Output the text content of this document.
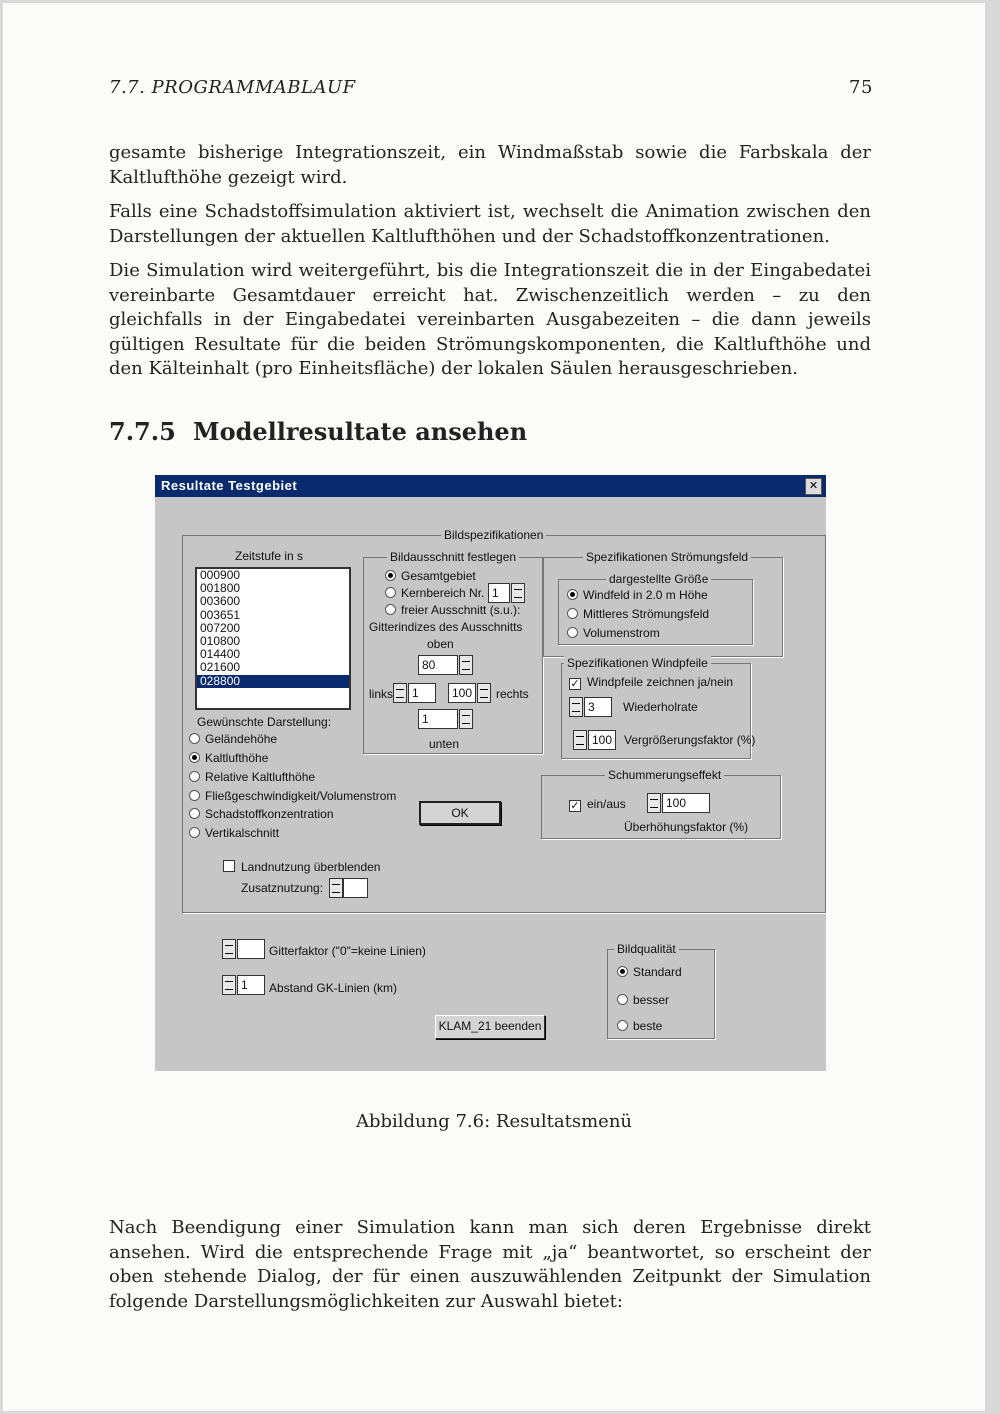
7.7. PROGRAMMABLAUF	75

gesamte bisherige Integrationszeit, ein Windmaßstab sowie die Farbskala der Kaltlufthöhe gezeigt wird.

Falls eine Schadstoffsimulation aktiviert ist, wechselt die Animation zwischen den Darstellungen der aktuellen Kaltlufthöhen und der Schadstoffkonzentrationen.

Die Simulation wird weitergeführt, bis die Integrationszeit die in der Eingabedatei vereinbarte Gesamtdauer erreicht hat. Zwischenzeitlich werden – zu den gleichfalls in der Eingabedatei vereinbarten Ausgabezeiten – die dann jeweils gültigen Resultate für die beiden Strömungskomponenten, die Kaltlufthöhe und den Kälteinhalt (pro Einheitsfläche) der lokalen Säulen herausgeschrieben.

7.7.5 Modellresultate ansehen
Resultate Testgebiet	✕
Bildspezifikationen
Zeitstufe in s
000900
001800
003600
003651
007200
010800
014400
021600
028800
Gewünschte Darstellung:
Geländehöhe
Kaltlufthöhe
Relative Kaltlufthöhe
Fließgeschwindigkeit/Volumenstrom
Schadstoffkonzentration
Vertikalschnitt
Landnutzung überblenden
Zusatznutzung:
Bildausschnitt festlegen
Gesamtgebiet
Kernbereich Nr. 1
freier Ausschnitt (s.u.):
Gitterindizes des Ausschnitts
oben
80
links	1	100	rechts
1
unten
OK
Spezifikationen Strömungsfeld
dargestellte Größe
Windfeld in 2.0 m Höhe
Mittleres Strömungsfeld
Volumenstrom
Spezifikationen Windpfeile
✓ Windpfeile zeichnen ja/nein
3	Wiederholrate
100 Vergrößerungsfaktor (%)
Schummerungseffekt
✓ ein/aus	100
Überhöhungsfaktor (%)
Gitterfaktor ("0"=keine Linien)
1	Abstand GK-Linien (km)
KLAM_21 beenden
Bildqualität
Standard
besser
beste
Abbildung 7.6: Resultatsmenü

Nach Beendigung einer Simulation kann man sich deren Ergebnisse direkt ansehen. Wird die entsprechende Frage mit „ja“ beantwortet, so erscheint der oben stehende Dialog, der für einen auszuwählenden Zeitpunkt der Simulation folgende Darstellungsmöglichkeiten zur Auswahl bietet:
